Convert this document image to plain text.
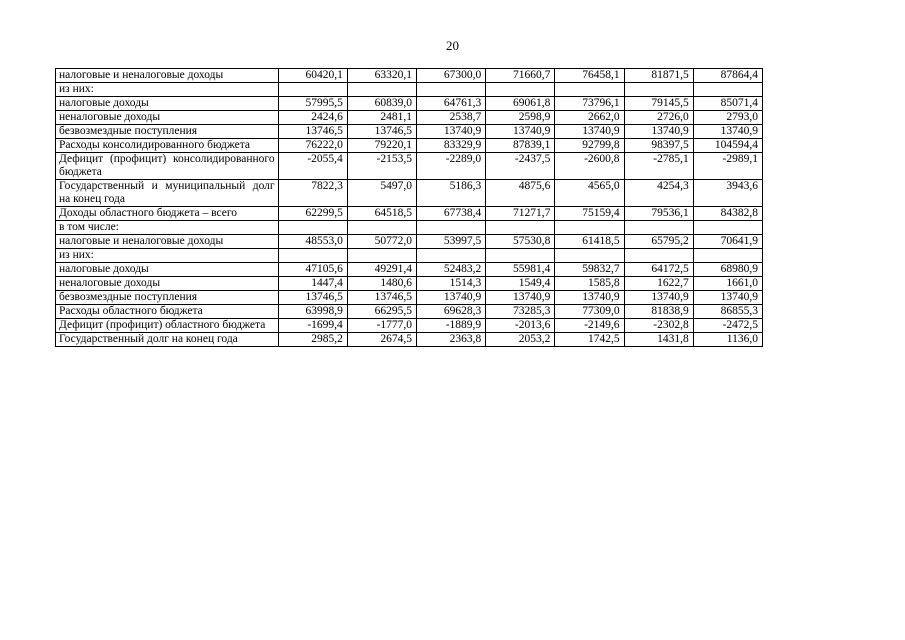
20
налоговые и неналоговые доходы	60420,1	63320,1	67300,0	71660,7	76458,1	81871,5	87864,4
из них:							
налоговые доходы	57995,5	60839,0	64761,3	69061,8	73796,1	79145,5	85071,4
неналоговые доходы	2424,6	2481,1	2538,7	2598,9	2662,0	2726,0	2793,0
безвозмездные поступления	13746,5	13746,5	13740,9	13740,9	13740,9	13740,9	13740,9
Расходы консолидированного бюджета	76222,0	79220,1	83329,9	87839,1	92799,8	98397,5	104594,4
Дефицит (профицит) консолидированного бюджета	-2055,4	-2153,5	-2289,0	-2437,5	-2600,8	-2785,1	-2989,1
Государственный и муниципальный долг на конец года	7822,3	5497,0	5186,3	4875,6	4565,0	4254,3	3943,6
Доходы областного бюджета – всего	62299,5	64518,5	67738,4	71271,7	75159,4	79536,1	84382,8
в том числе:							
налоговые и неналоговые доходы	48553,0	50772,0	53997,5	57530,8	61418,5	65795,2	70641,9
из них:							
налоговые доходы	47105,6	49291,4	52483,2	55981,4	59832,7	64172,5	68980,9
неналоговые доходы	1447,4	1480,6	1514,3	1549,4	1585,8	1622,7	1661,0
безвозмездные поступления	13746,5	13746,5	13740,9	13740,9	13740,9	13740,9	13740,9
Расходы областного бюджета	63998,9	66295,5	69628,3	73285,3	77309,0	81838,9	86855,3
Дефицит (профицит) областного бюджета	-1699,4	-1777,0	-1889,9	-2013,6	-2149,6	-2302,8	-2472,5
Государственный долг на конец года	2985,2	2674,5	2363,8	2053,2	1742,5	1431,8	1136,0
